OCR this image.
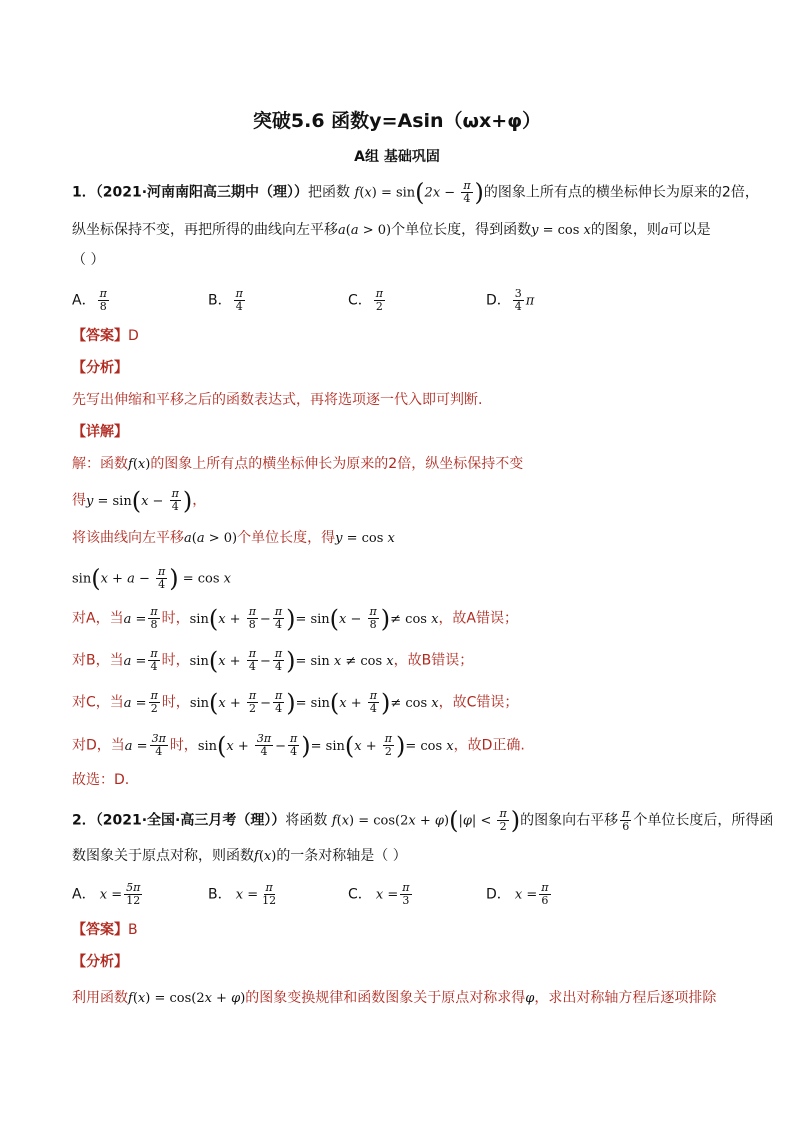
突破5.6 函数y=Asin（ωx+φ）
A组 基础巩固
1．（2021·河南南阳高三期中（理））把函数 $f(x) = \sin(2x - \frac{\pi}{4}$ )的图象上所有点的横坐标伸长为原来的2倍，
纵坐标保持不变，再把所得的曲线向左平移a(a > 0)个单位长度，得到函数y = cos x的图象，则a可以是
（ ）
A． $\frac{\pi}{8}$	B． $\frac{\pi}{4}$	C． $\frac{\pi}{2}$	D． $\frac{3}{4}$ π
【答案】D
【分析】
先写出伸缩和平移之后的函数表达式，再将选项逐一代入即可判断.
【详解】
解：函数f(x)的图象上所有点的横坐标伸长为原来的2倍，纵坐标保持不变
得$y = \sin(x - \frac{\pi}{4}$ )，
将该曲线向左平移a(a > 0)个单位长度，得y = cos x
$\sin(x + a - \frac{\pi}{4}$ ) = cos x
对A，当$a = \frac{\pi}{8}$ 时，$\sin(x + \frac{\pi}{8} - \frac{\pi}{4}$ )= $\sin(x - \frac{\pi}{8}$ )≠ cos x，故A错误；
对B，当$a = \frac{\pi}{4}$ 时，$\sin(x + \frac{\pi}{4} - \frac{\pi}{4}$ )= sin x ≠ cos x，故B错误；
对C，当$a = \frac{\pi}{2}$ 时，$\sin(x + \frac{\pi}{2} - \frac{\pi}{4}$ )= $\sin(x + \frac{\pi}{4}$ )≠ cos x，故C错误；
对D，当$a = \frac{3\pi}{4}$ 时，$\sin(x + \frac{3\pi}{4} - \frac{\pi}{4}$ )= $\sin(x + \frac{\pi}{2}$ )= cos x，故D正确.
故选：D.
2．（2021·全国·高三月考（理））将函数 $f(x) = \cos(2x + \varphi)(|\varphi| < \frac{\pi}{2}$ )的图象向右平移 $\frac{\pi}{6}$ 个单位长度后，所得函
数图象关于原点对称，则函数f(x)的一条对称轴是（ ）
A． $x = \frac{5\pi}{12}$	B． $x = \frac{\pi}{12}$	C． $x = \frac{\pi}{3}$	D． $x = \frac{\pi}{6}$
【答案】B
【分析】
利用函数f(x) = cos(2x + φ)的图象变换规律和函数图象关于原点对称求得φ，求出对称轴方程后逐项排除
